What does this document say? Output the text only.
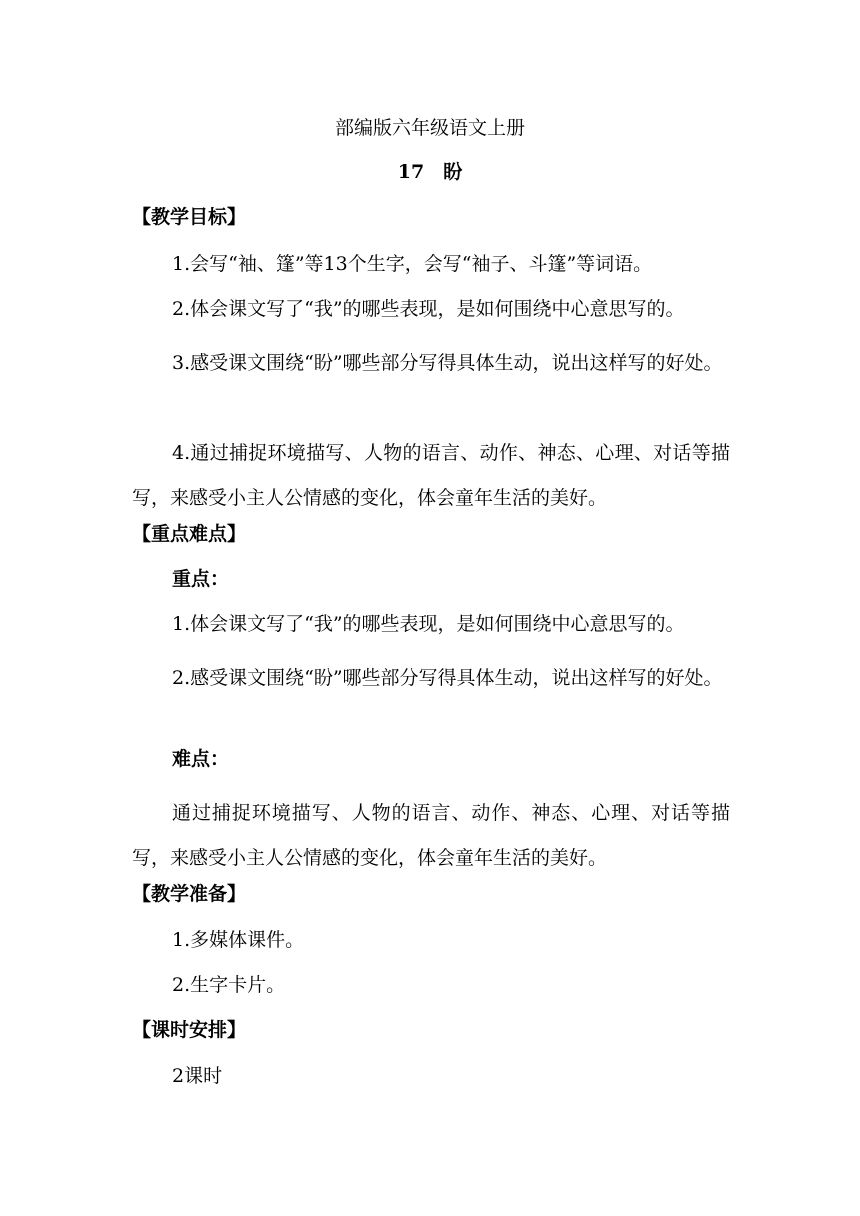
部编版六年级语文上册
17　盼
【教学目标】
1.会写“袖、篷”等13个生字，会写“袖子、斗篷”等词语。
2.体会课文写了“我”的哪些表现，是如何围绕中心意思写的。
3.感受课文围绕“盼”哪些部分写得具体生动，说出这样写的好处。
4.通过捕捉环境描写、人物的语言、动作、神态、心理、对话等描写，来感受小主人公情感的变化，体会童年生活的美好。
【重点难点】
重点：
1.体会课文写了“我”的哪些表现，是如何围绕中心意思写的。
2.感受课文围绕“盼”哪些部分写得具体生动，说出这样写的好处。
难点：
通过捕捉环境描写、人物的语言、动作、神态、心理、对话等描写，来感受小主人公情感的变化，体会童年生活的美好。
【教学准备】
1.多媒体课件。
2.生字卡片。
【课时安排】
2课时
